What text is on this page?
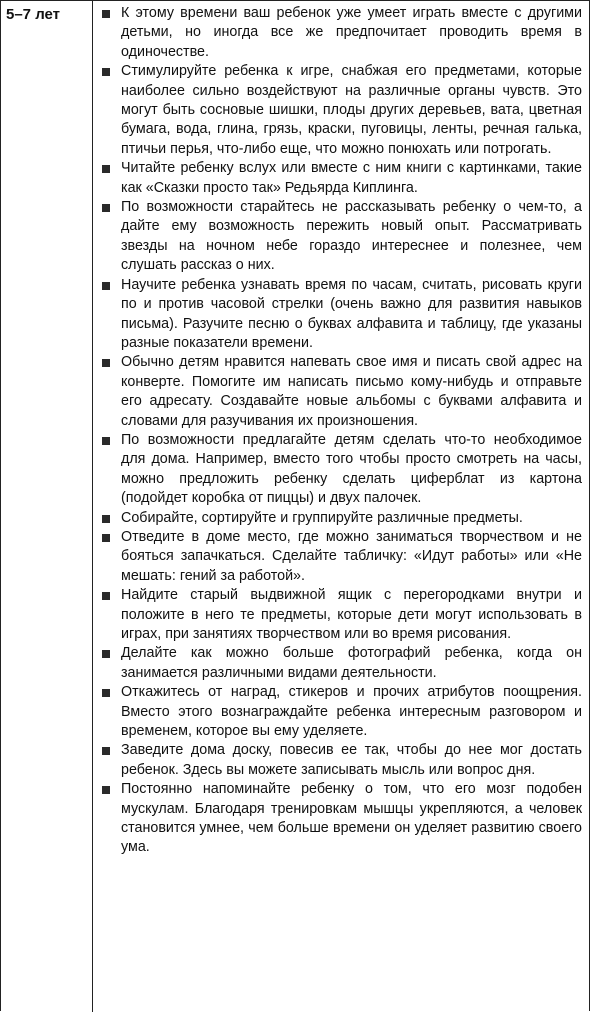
5–7 лет	К этому времени ваш ребенок уже умеет играть вместе с другими детьми, но иногда все же предпочитает проводить время в одиночестве.
Стимулируйте ребенка к игре, снабжая его предметами, которые наиболее сильно воздействуют на различные органы чувств. Это могут быть сосновые шишки, плоды других деревьев, вата, цветная бумага, вода, глина, грязь, краски, пуговицы, ленты, речная галька, птичьи перья, что-либо еще, что можно понюхать или потрогать.
Читайте ребенку вслух или вместе с ним книги с картинками, такие как «Сказки просто так» Редьярда Киплинга.
По возможности старайтесь не рассказывать ребенку о чем-то, а дайте ему возможность пережить новый опыт. Рассматривать звезды на ночном небе гораздо интереснее и полезнее, чем слушать рассказ о них.
Научите ребенка узнавать время по часам, считать, рисовать круги по и против часовой стрелки (очень важно для развития навыков письма). Разучите песню о буквах алфавита и таблицу, где указаны разные показатели времени.
Обычно детям нравится напевать свое имя и писать свой адрес на конверте. Помогите им написать письмо кому-нибудь и отправьте его адресату. Создавайте новые альбомы с буквами алфавита и словами для разучивания их произношения.
По возможности предлагайте детям сделать что-то необходимое для дома. Например, вместо того чтобы просто смотреть на часы, можно предложить ребенку сделать циферблат из картона (подойдет коробка от пиццы) и двух палочек.
Собирайте, сортируйте и группируйте различные предметы.
Отведите в доме место, где можно заниматься творчеством и не бояться запачкаться. Сделайте табличку: «Идут работы» или «Не мешать: гений за работой».
Найдите старый выдвижной ящик с перегородками внутри и положите в него те предметы, которые дети могут использовать в играх, при занятиях творчеством или во время рисования.
Делайте как можно больше фотографий ребенка, когда он занимается различными видами деятельности.
Откажитесь от наград, стикеров и прочих атрибутов поощрения. Вместо этого вознаграждайте ребенка интересным разговором и временем, которое вы ему уделяете.
Заведите дома доску, повесив ее так, чтобы до нее мог достать ребенок. Здесь вы можете записывать мысль или вопрос дня.
Постоянно напоминайте ребенку о том, что его мозг подобен мускулам. Благодаря тренировкам мышцы укрепляются, а человек становится умнее, чем больше времени он уделяет развитию своего ума.
